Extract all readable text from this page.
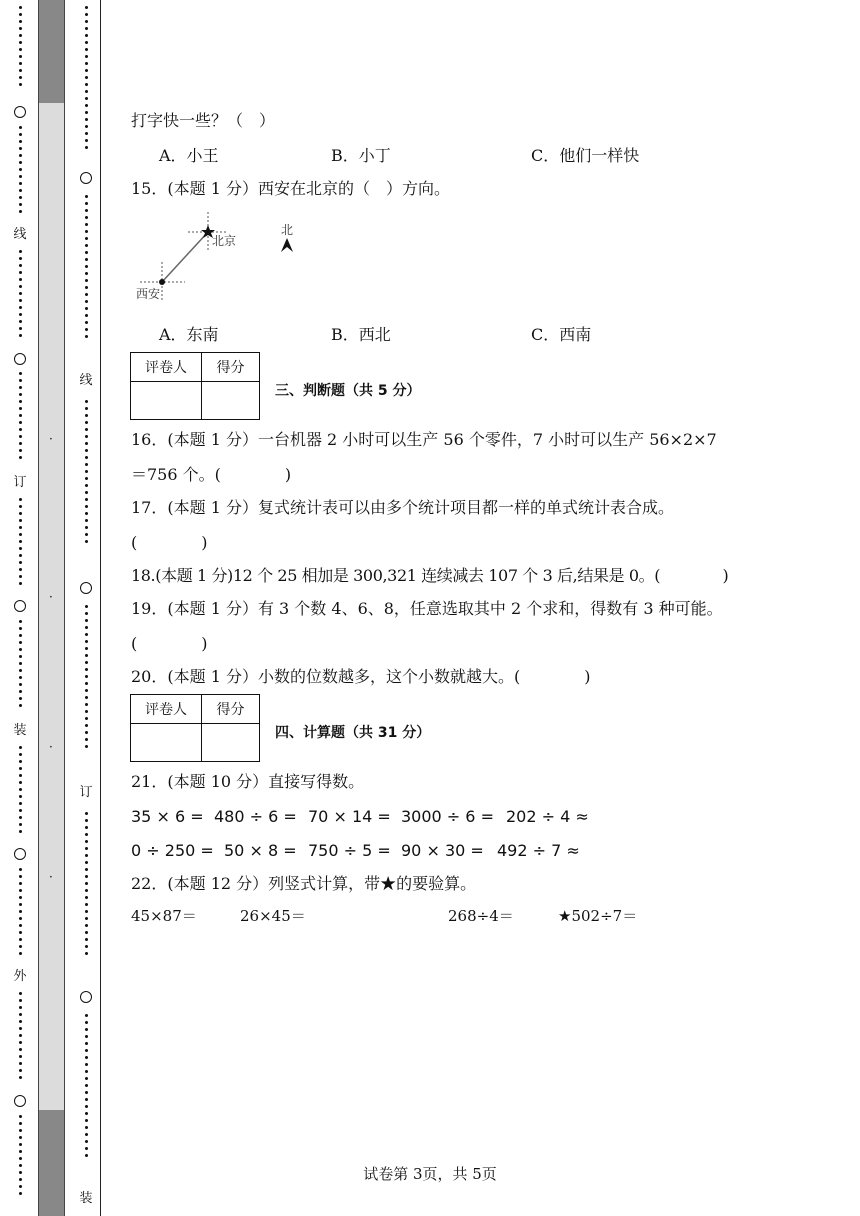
线
订
装
外
·
·
·
·
线
订
装
打字快一些？（　）
A．小王	B．小丁	C．他们一样快
15．(本题 1 分）西安在北京的（　）方向。
北京
西安
北
A．东南	B．西北	C．西南
评卷人	得分

三、判断题（共 5 分）
16．(本题 1 分）一台机器 2 小时可以生产 56 个零件，7 小时可以生产 56×2×7
＝756 个。(　　　　)
17．(本题 1 分）复式统计表可以由多个统计项目都一样的单式统计表合成。
(　　　　)
18.(本题 1 分)12 个 25 相加是 300,321 连续减去 107 个 3 后,结果是 0。(　　　　)
19．(本题 1 分）有 3 个数 4、6、8，任意选取其中 2 个求和，得数有 3 种可能。
(　　　　)
20．(本题 1 分）小数的位数越多，这个小数就越大。(　　　　)
评卷人	得分

四、计算题（共 31 分）
21．(本题 10 分）直接写得数。
35 × 6 = 480 ÷ 6 = 70 × 14 = 3000 ÷ 6 = 202 ÷ 4 ≈
0 ÷ 250 = 50 × 8 = 750 ÷ 5 = 90 × 30 = 492 ÷ 7 ≈
22．(本题 12 分）列竖式计算，带★的要验算。
45×87＝	26×45＝	268÷4＝	★502÷7＝
试卷第 3页，共 5页
